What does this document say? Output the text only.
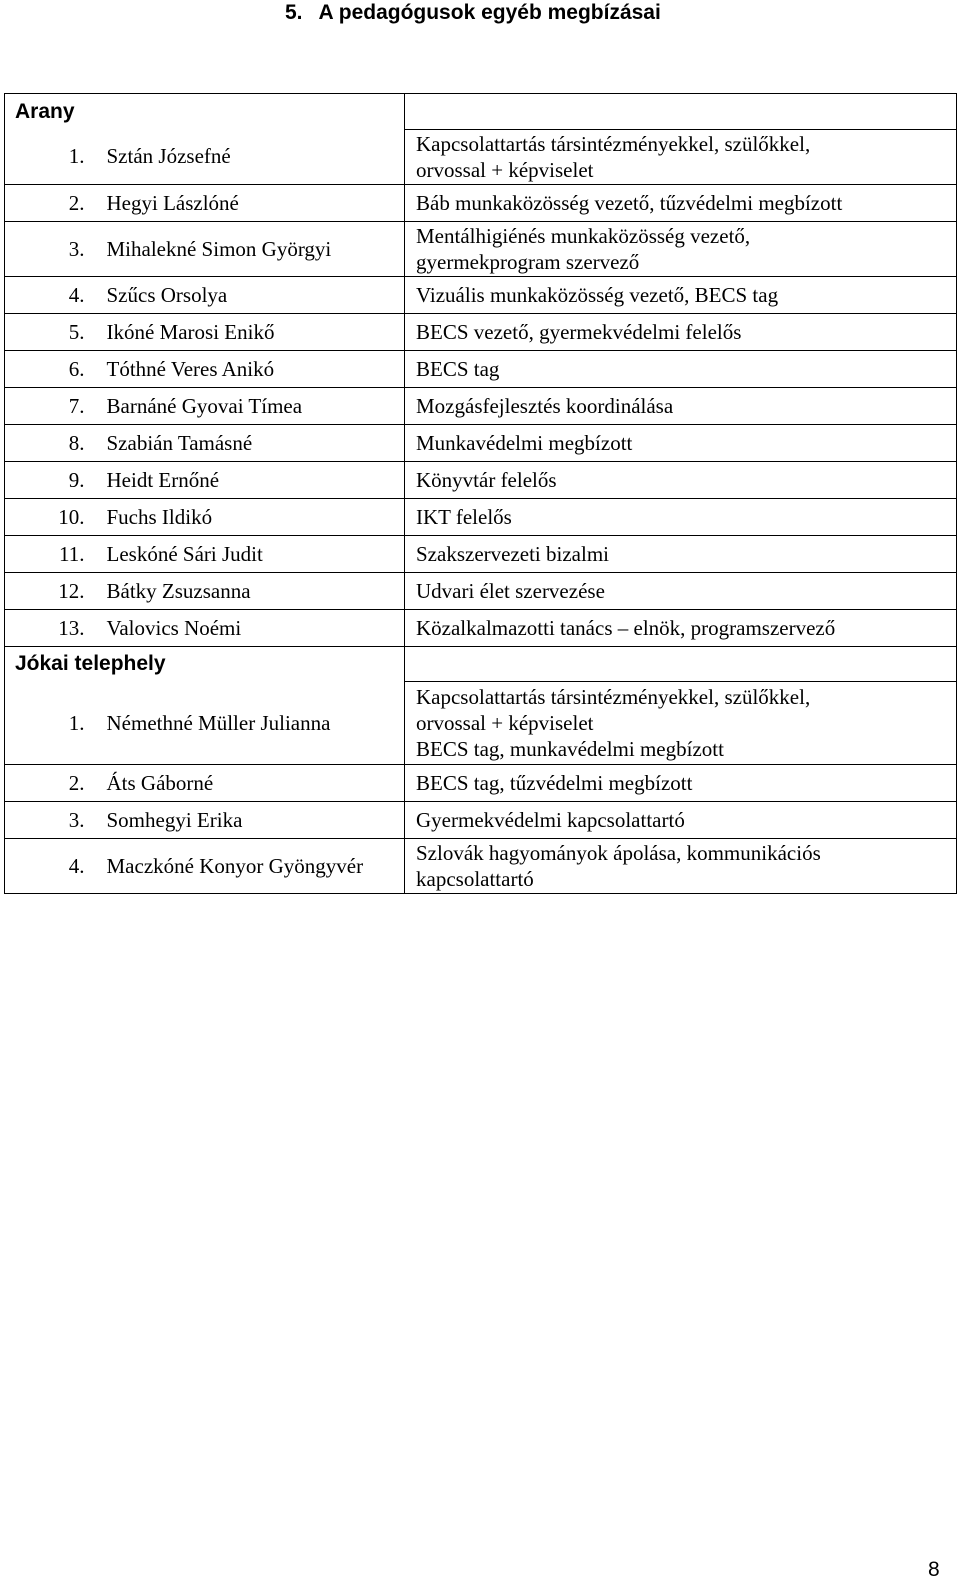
5. A pedagógusok egyéb megbízásai
Arany		
1.	Sztán Józsefné	Kapcsolattartás társintézményekkel, szülőkkel,
orvossal + képviselet

2.	Hegyi Lászlóné	Báb munkaközösség vezető, tűzvédelmi megbízott

3.	Mihalekné Simon Györgyi	Mentálhigiénés munkaközösség vezető,
gyermekprogram szervező

4.	Szűcs Orsolya	Vizuális munkaközösség vezető, BECS tag

5.	Ikóné Marosi Enikő	BECS vezető, gyermekvédelmi felelős

6.	Tóthné Veres Anikó	BECS tag

7.	Barnáné Gyovai Tímea	Mozgásfejlesztés koordinálása

8.	Szabián Tamásné	Munkavédelmi megbízott

9.	Heidt Ernőné	Könyvtár felelős

10.	Fuchs Ildikó	IKT felelős

11.	Leskóné Sári Judit	Szakszervezeti bizalmi

12.	Bátky Zsuzsanna	Udvari élet szervezése

13.	Valovics Noémi	Közalkalmazotti tanács – elnök, programszervező

Jókai telephely		
1.	Némethné Müller Julianna	Kapcsolattartás társintézményekkel, szülőkkel,
orvossal + képviselet
BECS tag, munkavédelmi megbízott

2.	Áts Gáborné	BECS tag, tűzvédelmi megbízott

3.	Somhegyi Erika	Gyermekvédelmi kapcsolattartó

4.	Maczkóné Konyor Gyöngyvér	Szlovák hagyományok ápolása, kommunikációs
kapcsolattartó
8
